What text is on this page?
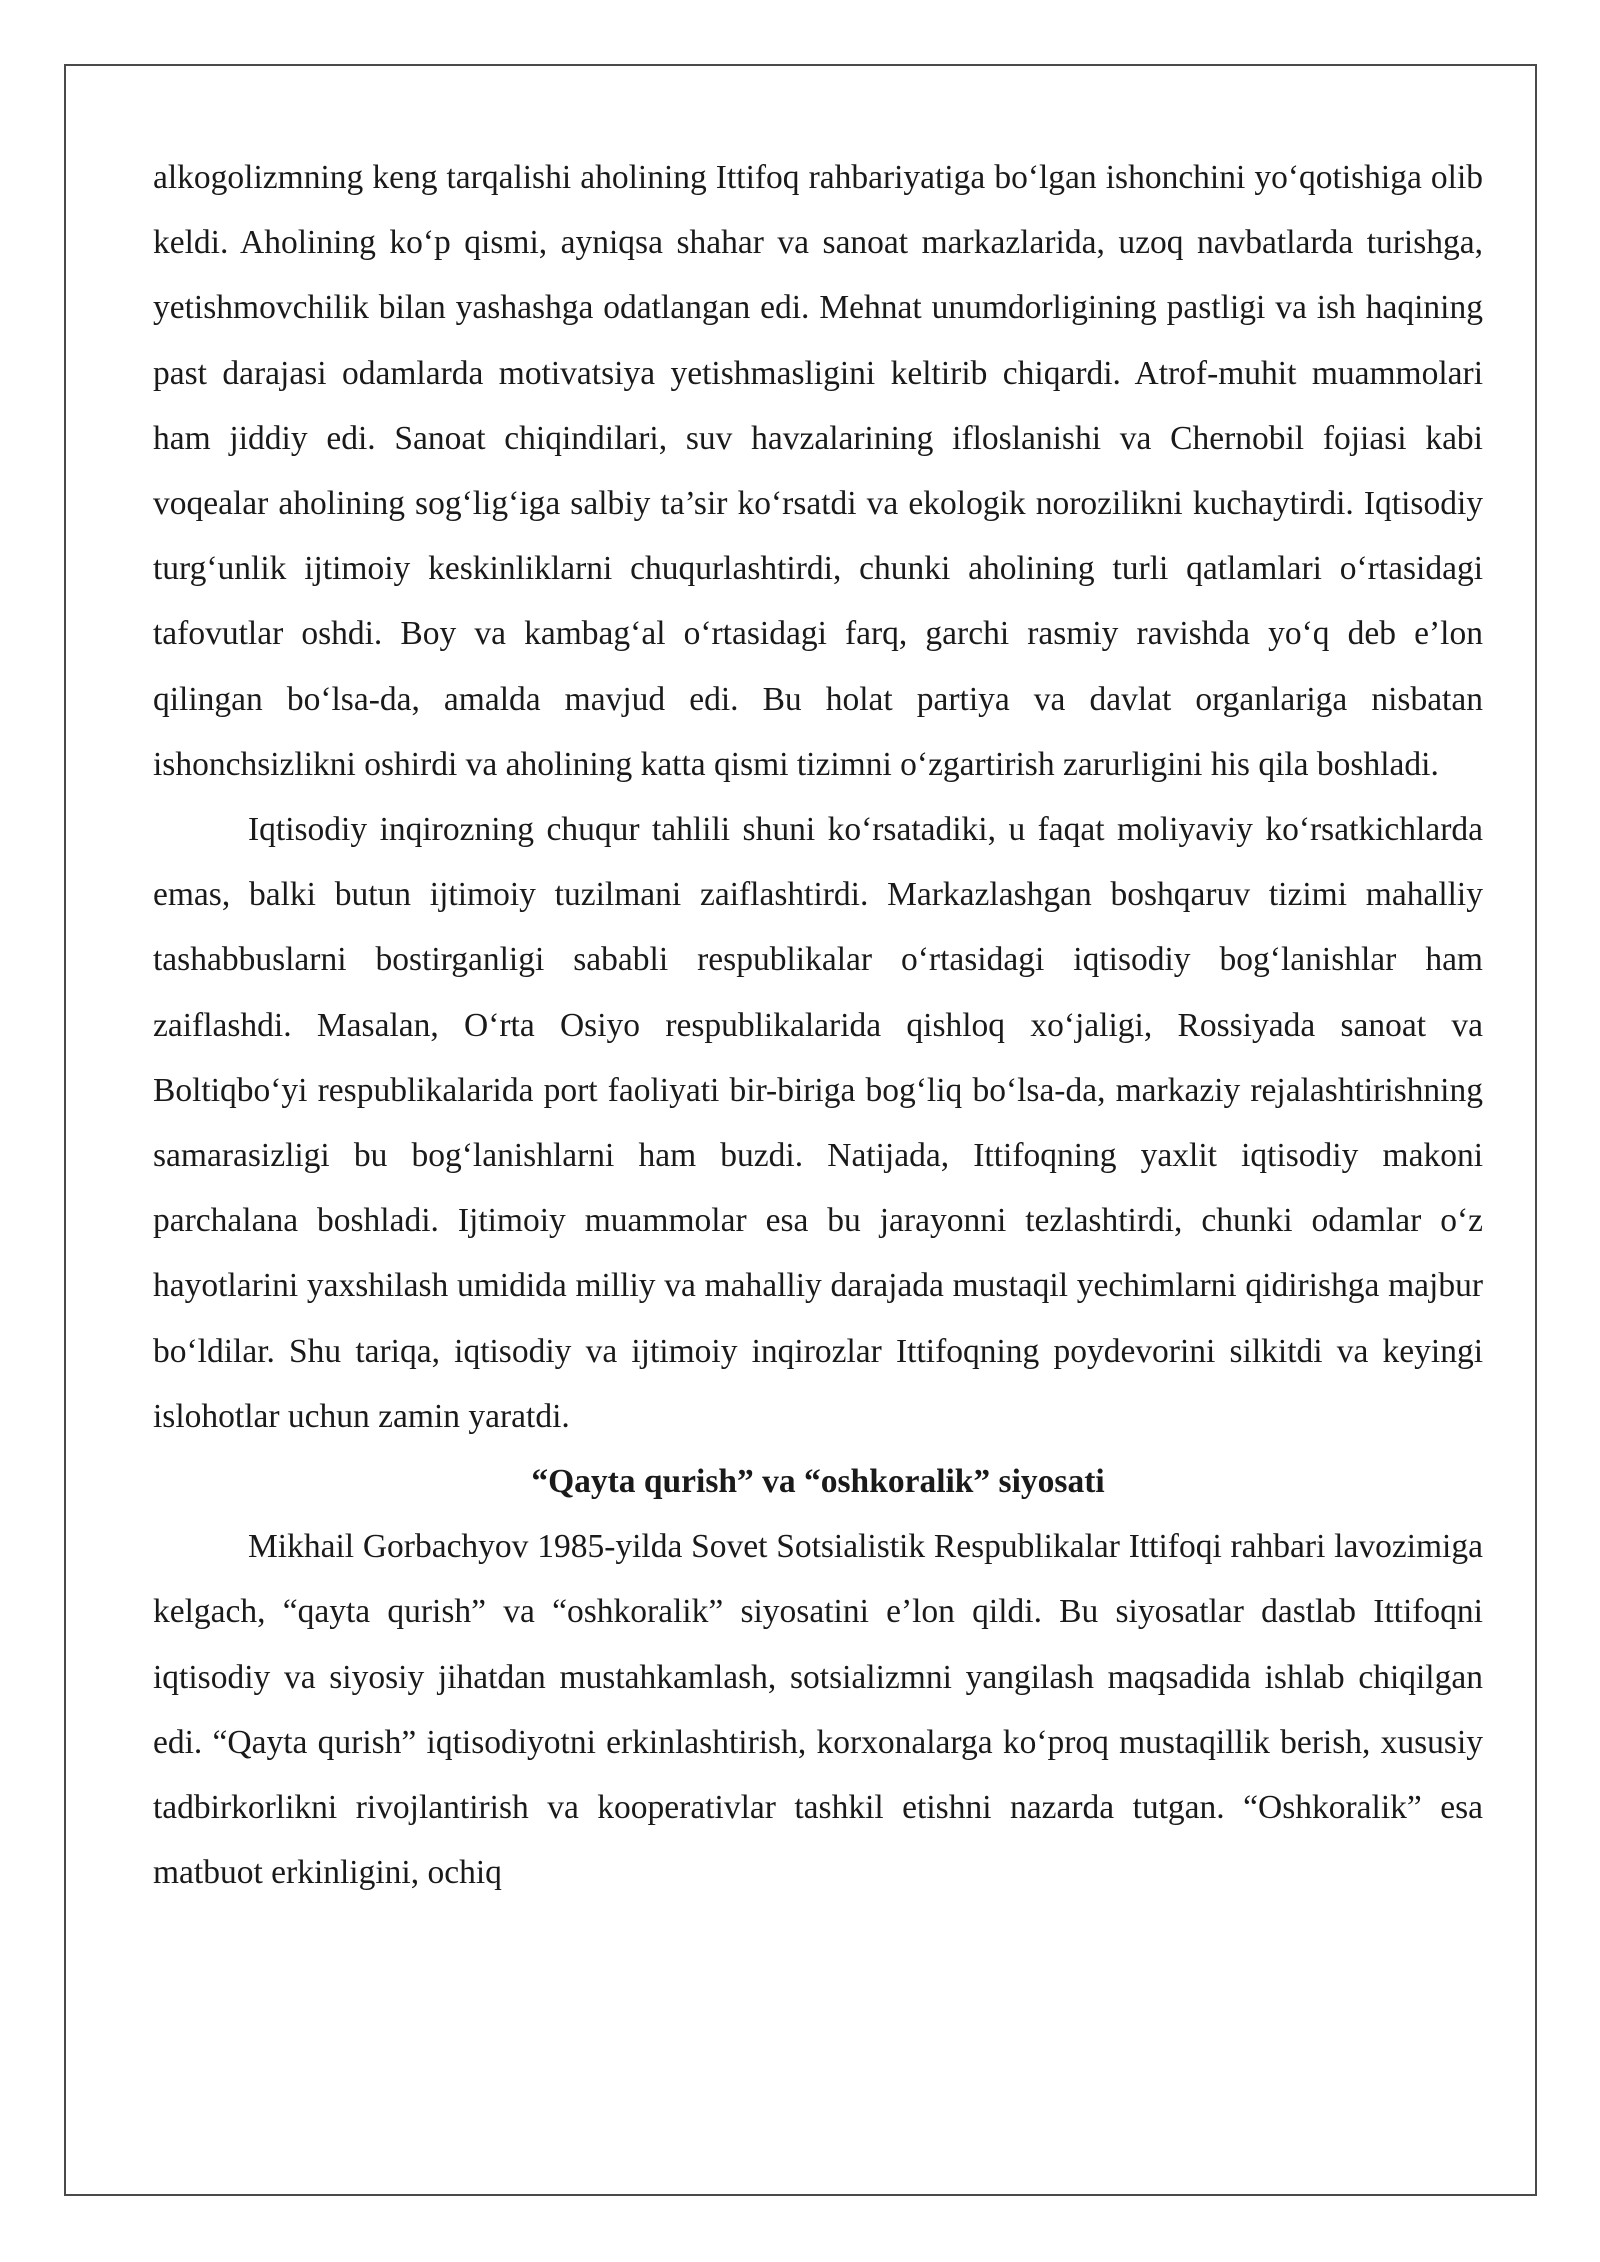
alkogolizmning keng tarqalishi aholining Ittifoq rahbariyatiga bo‘lgan ishonchini yo‘qotishiga olib keldi. Aholining ko‘p qismi, ayniqsa shahar va sanoat markazlarida, uzoq navbatlarda turishga, yetishmovchilik bilan yashashga odatlangan edi. Mehnat unumdorligining pastligi va ish haqining past darajasi odamlarda motivatsiya yetishmasligini keltirib chiqardi. Atrof-muhit muammolari ham jiddiy edi. Sanoat chiqindilari, suv havzalarining ifloslanishi va Chernobil fojiasi kabi voqealar aholining sog‘lig‘iga salbiy ta’sir ko‘rsatdi va ekologik norozilikni kuchaytirdi. Iqtisodiy turg‘unlik ijtimoiy keskinliklarni chuqurlashtirdi, chunki aholining turli qatlamlari o‘rtasidagi tafovutlar oshdi. Boy va kambag‘al o‘rtasidagi farq, garchi rasmiy ravishda yo‘q deb e’lon qilingan bo‘lsa-da, amalda mavjud edi. Bu holat partiya va davlat organlariga nisbatan ishonchsizlikni oshirdi va aholining katta qismi tizimni o‘zgartirish zarurligini his qila boshladi.

Iqtisodiy inqirozning chuqur tahlili shuni ko‘rsatadiki, u faqat moliyaviy ko‘rsatkichlarda emas, balki butun ijtimoiy tuzilmani zaiflashtirdi. Markazlashgan boshqaruv tizimi mahalliy tashabbuslarni bostirganligi sababli respublikalar o‘rtasidagi iqtisodiy bog‘lanishlar ham zaiflashdi. Masalan, O‘rta Osiyo respublikalarida qishloq xo‘jaligi, Rossiyada sanoat va Boltiqbo‘yi respublikalarida port faoliyati bir-biriga bog‘liq bo‘lsa-da, markaziy rejalashtirishning samarasizligi bu bog‘lanishlarni ham buzdi. Natijada, Ittifoqning yaxlit iqtisodiy makoni parchalana boshladi. Ijtimoiy muammolar esa bu jarayonni tezlashtirdi, chunki odamlar o‘z hayotlarini yaxshilash umidida milliy va mahalliy darajada mustaqil yechimlarni qidirishga majbur bo‘ldilar. Shu tariqa, iqtisodiy va ijtimoiy inqirozlar Ittifoqning poydevorini silkitdi va keyingi islohotlar uchun zamin yaratdi.

“Qayta qurish” va “oshkoralik” siyosati

Mikhail Gorbachyov 1985-yilda Sovet Sotsialistik Respublikalar Ittifoqi rahbari lavozimiga kelgach, “qayta qurish” va “oshkoralik” siyosatini e’lon qildi. Bu siyosatlar dastlab Ittifoqni iqtisodiy va siyosiy jihatdan mustahkamlash, sotsializmni yangilash maqsadida ishlab chiqilgan edi. “Qayta qurish” iqtisodiyotni erkinlashtirish, korxonalarga ko‘proq mustaqillik berish, xususiy tadbirkorlikni rivojlantirish va kooperativlar tashkil etishni nazarda tutgan. “Oshkoralik” esa matbuot erkinligini, ochiq
